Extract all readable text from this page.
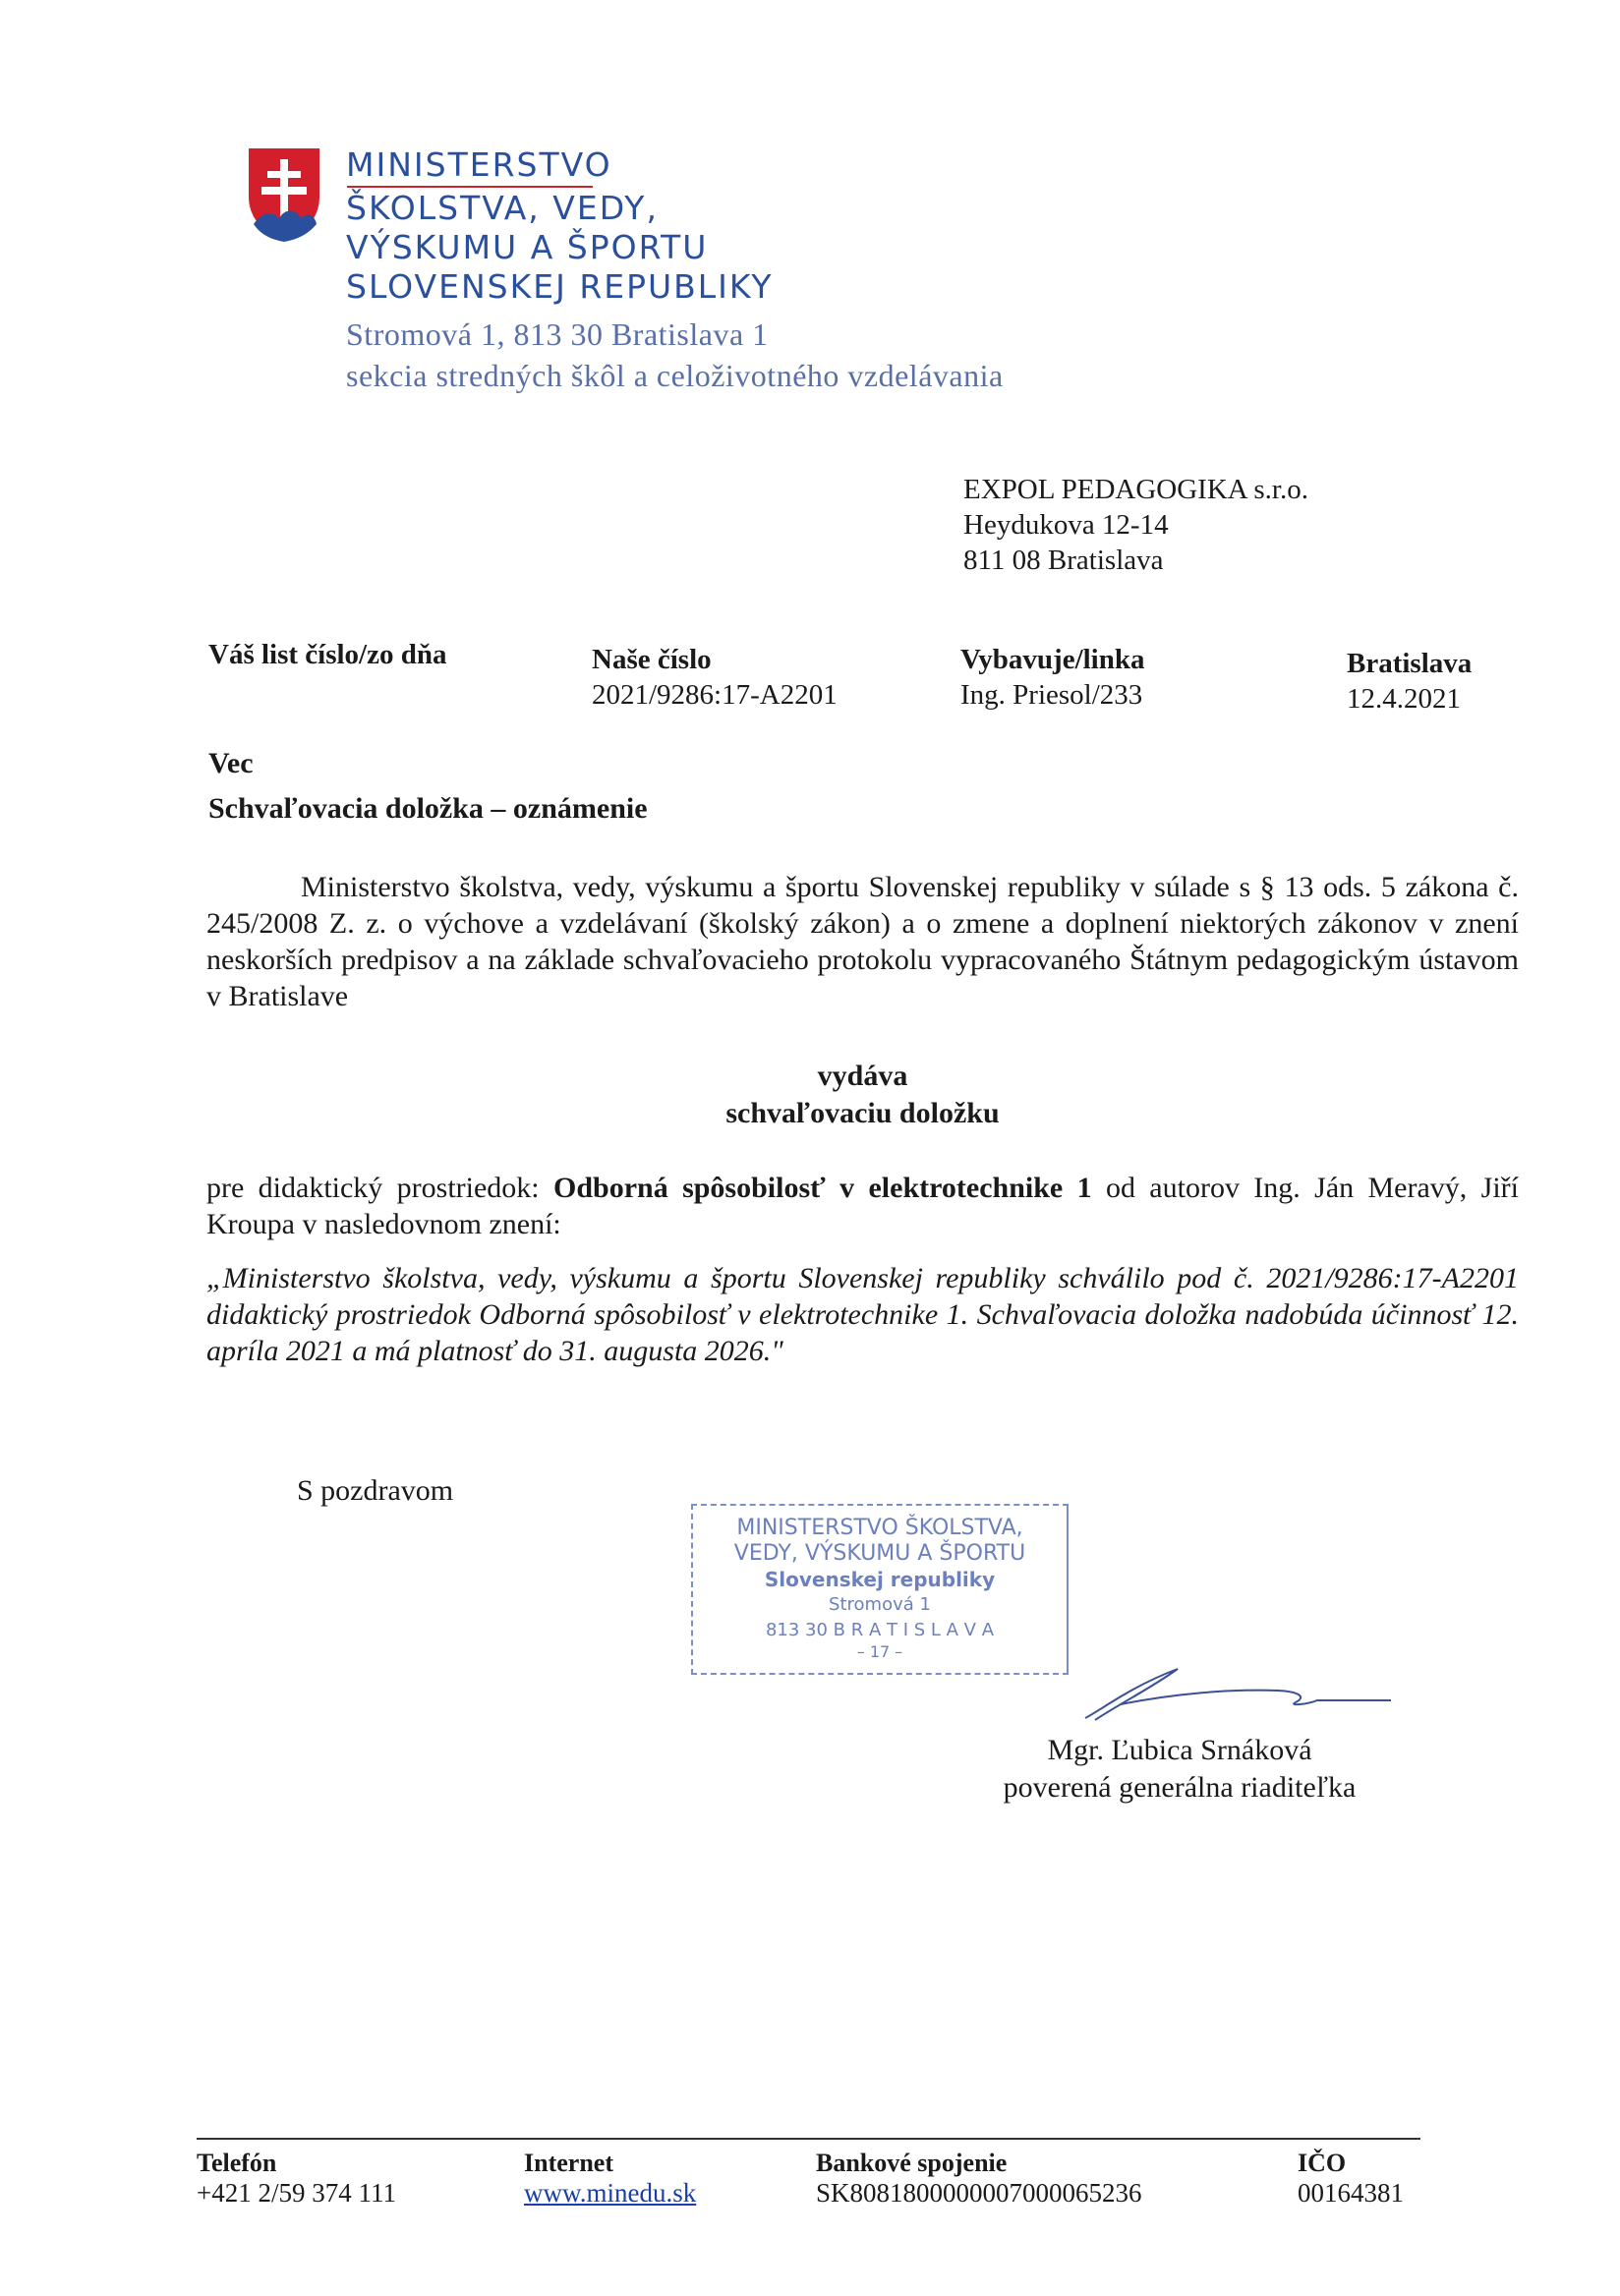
MINISTERSTVO
ŠKOLSTVA, VEDY,
VÝSKUMU A ŠPORTU
SLOVENSKEJ REPUBLIKY
Stromová 1, 813 30 Bratislava 1
sekcia stredných škôl a celoživotného vzdelávania
EXPOL PEDAGOGIKA s.r.o.
Heydukova 12-14
811 08 Bratislava
Váš list číslo/zo dňa	Naše číslo
2021/9286:17-A2201
Vybavuje/linka
Ing. Priesol/233
Bratislava
12.4.2021
Vec
Schvaľovacia doložka – oznámenie
Ministerstvo školstva, vedy, výskumu a športu Slovenskej republiky v súlade s § 13 ods. 5 zákona č. 245/2008 Z. z. o výchove a vzdelávaní (školský zákon) a o zmene a doplnení niektorých zákonov v znení neskorších predpisov a na základe schvaľovacieho protokolu vypracovaného Štátnym pedagogickým ústavom v Bratislave
vydáva
schvaľovaciu doložku
pre didaktický prostriedok: Odborná spôsobilosť v elektrotechnike 1 od autorov Ing. Ján Meravý, Jiří Kroupa v nasledovnom znení:
„Ministerstvo školstva, vedy, výskumu a športu Slovenskej republiky schválilo pod č. 2021/9286:17-A2201 didaktický prostriedok Odborná spôsobilosť v elektrotechnike 1. Schvaľovacia doložka nadobúda účinnosť 12. apríla 2021 a má platnosť do 31. augusta 2026."
S pozdravom
MINISTERSTVO ŠKOLSTVA,
VEDY, VÝSKUMU A ŠPORTU
Slovenskej republiky
Stromová 1
813 30 B R A T I S L A V A
– 17 –
Mgr. Ľubica Srnáková
poverená generálna riaditeľka
Telefón
+421 2/59 374 111
Internet
www.minedu.sk
Bankové spojenie
SK8081800000007000065236
IČO
00164381
